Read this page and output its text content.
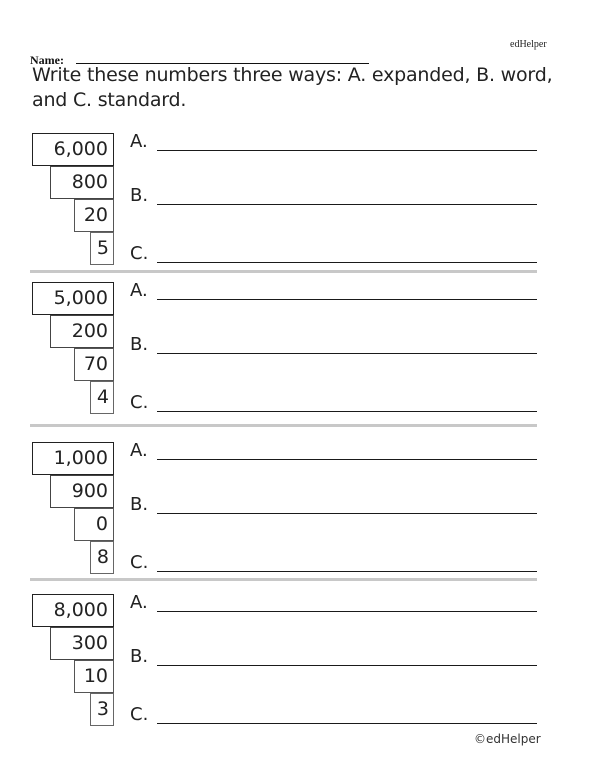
edHelper
Name:
Write these numbers three ways: A. expanded, B. word, and C. standard.
6,000
800
20
5
A.
B.
C.
5,000
200
70
4
A.
B.
C.
1,000
900
0
8
A.
B.
C.
8,000
300
10
3
A.
B.
C.
©edHelper
